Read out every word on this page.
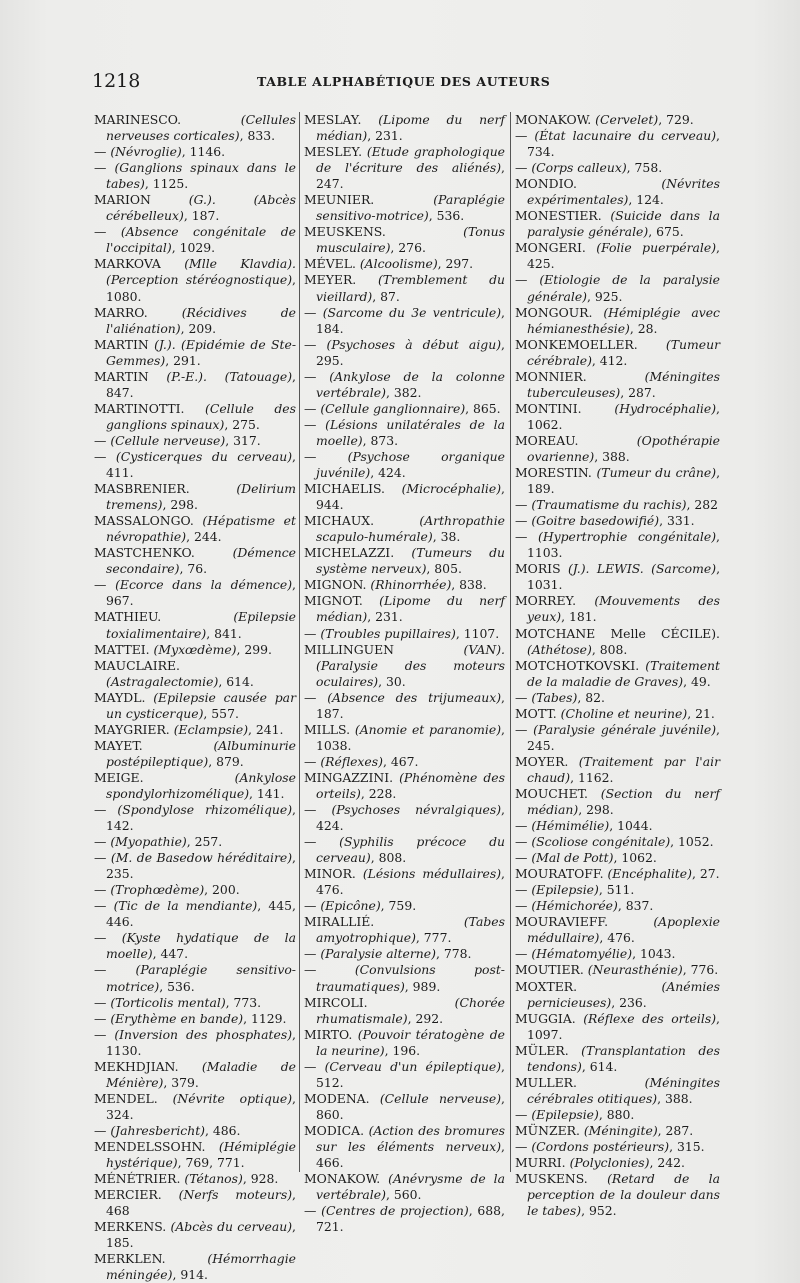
1218	TABLE ALPHABÉTIQUE DES AUTEURS

MARINESCO. (Cellules nerveuses corticales), 833.

— (Névroglie), 1146.

— (Ganglions spinaux dans le tabes), 1125.

MARION (G.). (Abcès cérébelleux), 187.

— (Absence congénitale de l'occipital), 1029.

MARKOVA (Mlle Klavdia). (Perception stéréognostique), 1080.

MARRO. (Récidives de l'aliénation), 209.

MARTIN (J.). (Epidémie de Ste-Gemmes), 291.

MARTIN (P.-E.). (Tatouage), 847.

MARTINOTTI. (Cellule des ganglions spinaux), 275.

— (Cellule nerveuse), 317.

— (Cysticerques du cerveau), 411.

MASBRENIER. (Delirium tremens), 298.

MASSALONGO. (Hépatisme et névropathie), 244.

MASTCHENKO. (Démence secondaire), 76.

— (Ecorce dans la démence), 967.

MATHIEU. (Epilepsie toxialimentaire), 841.

MATTEI. (Myxœdème), 299.

MAUCLAIRE. (Astragalectomie), 614.

MAYDL. (Epilepsie causée par un cysticerque), 557.

MAYGRIER. (Eclampsie), 241.

MAYET. (Albuminurie postépileptique), 879.

MEIGE. (Ankylose spondylorhizomélique), 141.

— (Spondylose rhizomélique), 142.

— (Myopathie), 257.

— (M. de Basedow héréditaire), 235.

— (Trophœdème), 200.

— (Tic de la mendiante), 445, 446.

— (Kyste hydatique de la moelle), 447.

— (Paraplégie sensitivo-motrice), 536.

— (Torticolis mental), 773.

— (Erythème en bande), 1129.

— (Inversion des phosphates), 1130.

MEKHDJIAN. (Maladie de Ménière), 379.

MENDEL. (Névrite optique), 324.

— (Jahresbericht), 486.

MENDELSSOHN. (Hémiplégie hystérique), 769, 771.

MÉNÉTRIER. (Tétanos), 928.

MERCIER. (Nerfs moteurs), 468

MERKENS. (Abcès du cerveau), 185.

MERKLEN. (Hémorrhagie méningée), 914.

MESLAY. (Lipome du nerf médian), 231.

MESLEY. (Etude graphologique de l'écriture des aliénés), 247.

MEUNIER. (Paraplégie sensitivo-motrice), 536.

MEUSKENS. (Tonus musculaire), 276.

MÉVEL. (Alcoolisme), 297.

MEYER. (Tremblement du vieillard), 87.

— (Sarcome du 3e ventricule), 184.

— (Psychoses à début aigu), 295.

— (Ankylose de la colonne vertébrale), 382.

— (Cellule ganglionnaire), 865.

— (Lésions unilatérales de la moelle), 873.

— (Psychose organique juvénile), 424.

MICHAELIS. (Microcéphalie), 944.

MICHAUX. (Arthropathie scapulo-humérale), 38.

MICHELAZZI. (Tumeurs du système nerveux), 805.

MIGNON. (Rhinorrhée), 838.

MIGNOT. (Lipome du nerf médian), 231.

— (Troubles pupillaires), 1107.

MILLINGUEN (VAN). (Paralysie des moteurs oculaires), 30.

— (Absence des trijumeaux), 187.

MILLS. (Anomie et paranomie), 1038.

— (Réflexes), 467.

MINGAZZINI. (Phénomène des orteils), 228.

— (Psychoses névralgiques), 424.

— (Syphilis précoce du cerveau), 808.

MINOR. (Lésions médullaires), 476.

— (Epicône), 759.

MIRALLIÉ. (Tabes amyotrophique), 777.

— (Paralysie alterne), 778.

— (Convulsions post-traumatiques), 989.

MIRCOLI. (Chorée rhumatismale), 292.

MIRTO. (Pouvoir tératogène de la neurine), 196.

— (Cerveau d'un épileptique), 512.

MODENA. (Cellule nerveuse), 860.

MODICA. (Action des bromures sur les éléments nerveux), 466.

MONAKOW. (Anévrysme de la vertébrale), 560.

— (Centres de projection), 688, 721.

MONAKOW. (Cervelet), 729.

— (État lacunaire du cerveau), 734.

— (Corps calleux), 758.

MONDIO. (Névrites expérimentales), 124.

MONESTIER. (Suicide dans la paralysie générale), 675.

MONGERI. (Folie puerpérale), 425.

— (Etiologie de la paralysie générale), 925.

MONGOUR. (Hémiplégie avec hémianesthésie), 28.

MONKEMOELLER. (Tumeur cérébrale), 412.

MONNIER. (Méningites tuberculeuses), 287.

MONTINI. (Hydrocéphalie), 1062.

MOREAU. (Opothérapie ovarienne), 388.

MORESTIN. (Tumeur du crâne), 189.

— (Traumatisme du rachis), 282

— (Goitre basedowifié), 331.

— (Hypertrophie congénitale), 1103.

MORIS (J.). LEWIS. (Sarcome), 1031.

MORREY. (Mouvements des yeux), 181.

MOTCHANE Melle CÉCILE). (Athétose), 808.

MOTCHOTKOVSKI. (Traitement de la maladie de Graves), 49.

— (Tabes), 82.

MOTT. (Choline et neurine), 21.

— (Paralysie générale juvénile), 245.

MOYER. (Traitement par l'air chaud), 1162.

MOUCHET. (Section du nerf médian), 298.

— (Hémimélie), 1044.

— (Scoliose congénitale), 1052.

— (Mal de Pott), 1062.

MOURATOFF. (Encéphalite), 27.

— (Epilepsie), 511.

— (Hémichorée), 837.

MOURAVIEFF. (Apoplexie médullaire), 476.

— (Hématomyélie), 1043.

MOUTIER. (Neurasthénie), 776.

MOXTER. (Anémies pernicieuses), 236.

MUGGIA. (Réflexe des orteils), 1097.

MÜLER. (Transplantation des tendons), 614.

MULLER. (Méningites cérébrales otitiques), 388.

— (Epilepsie), 880.

MÜNZER. (Méningite), 287.

— (Cordons postérieurs), 315.

MURRI. (Polyclonies), 242.

MUSKENS. (Retard de la perception de la douleur dans le tabes), 952.
